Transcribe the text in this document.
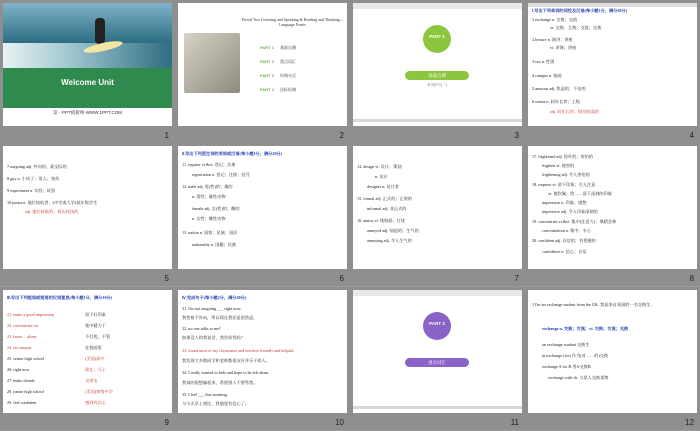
Welcome Unit
第一PPT模板网-WWW.1PPT.COM
1
Period Two Listening and Speaking & Reading and Thinking—Language Points
PART 1 基础自测
PART 2 重点词汇
PART 3 经典句式
PART 4 达标检测
2
PART 1
基础自测
单词拼写(一)
3
Ⅰ.写出下列单词的词性及汉语(每小题1分，满分20分)
1.exchange n. 交换；交流
vt. 交换；互换；交流；兑换
2.lecture n. 演讲；讲座
vi. 讲课；讲座
3.sex n. 性别
4.campus n. 校园
5.anxious adj. 焦虑的；不安的
6.senior n. 较年长者；上级
adj. 较年长的；级别较高的
4
7.outgoing adj. 外向的；爱交际的
8.guy n. 小伙子；男人；家伙
9.experiment n. 实验；试验
10.junior n. 地位较低者；(中学或大学)低年级学生
adj. 地位较低的；资历较浅的
5
Ⅱ.写出下列派生词的英语或汉语(每小题1分，满分20分)
11. register vt.&vi. 登记；注册
registration n. 登记；注册；挂号
12. male adj. 男(性)的；雄的
n. 男性；雄性动物
female adj. 女(性)的；雌的
n. 女性；雌性动物
13. nation n. 国家；民族；国民
nationality n. 国籍；民族
6
14. design vt. 设计；策划
n. 设计
designer n. 设计者
15. formal adj. 正式的；正规的
informal adj. 非正式的
16. annoy vt. 使恼怒；打扰
annoyed adj. 恼怒的；生气的
annoying adj. 令人生气的
7
17. frightened adj. 惊吓的；害怕的
frighten vt. 使害怕
frightening adj. 令人害怕的
18. impress vt. 留下印象；引人注意
vi. 使钦佩；给……留下深刻的印象
impression n. 印象；感想
impressive adj. 令人印象深刻的
19. concentrate vi.&vt. 集中(注意力)；聚精会神
concentration n. 集中；专心
20. confident adj. 自信的；有把握的
confidence n. 信心；自信
8
Ⅲ.写出下列短语或短语的汉语意思(每小题1分，满分10分)
21. make a good impression
22. concentrate on
23. leave ... alone
24. on campus
25. senior high school
26. right now
27. make friends
28. junior high school
29. feel confident
留下好印象
集中精力于
不打扰；不管
在校园里
(美国)高中
现在；马上
交朋友
(美国)初级中学
感到有信心
9
Ⅳ.完成句子(每小题2分，满分20分)
31. I'm not outgoing ___ right now.
我性格不外向，所以现在我还是很焦虑。
32. no one talks to me?
如果没人和我说话，我会担忧吗？
33. found most of my classmates and teachers friendly and helpful.
我发现大多数同学和老师都很友好并乐于助人。
34. I really wanted to hide and hope to be left alone.
我真的很想躲起来，希望别人不要管我。
35. I feel ___ this morning.
与今天早上相比，我感觉有信心了。
10
PART 2
重点词汇
11
1 I'm an exchange student from the UK. 我是来自英国的一名交换生。
exchange n. 交换；交流；vt. 交换；交流；兑换
an exchange student 交换生
in exchange (for) 作为(对……的)交换
exchange A for B 用A交换B
exchange with sb. 与某人交换某物
12
